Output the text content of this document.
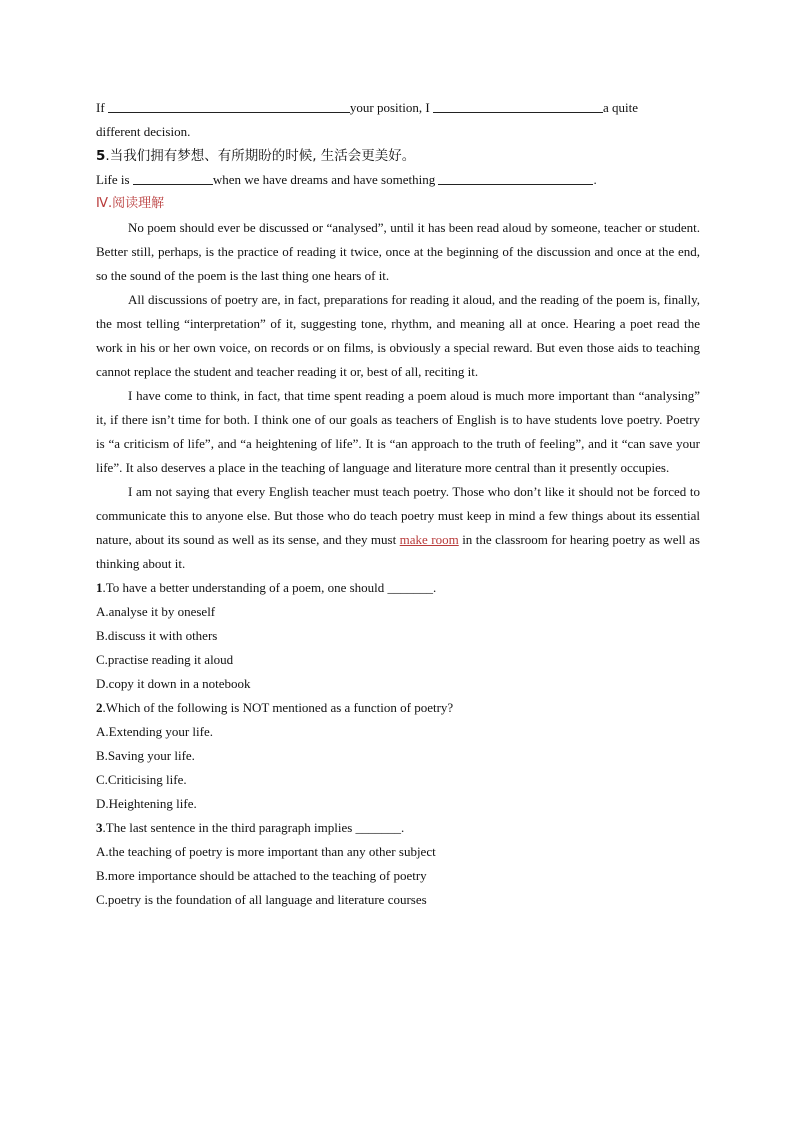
If	your position, I	a quite
different decision.
5.当我们拥有梦想、有所期盼的时候, 生活会更美好。
Life is	when we have dreams and have something	.
Ⅳ.阅读理解

No poem should ever be discussed or “analysed”, until it has been read aloud by someone, teacher or student. Better still, perhaps, is the practice of reading it twice, once at the beginning of the discussion and once at the end, so the sound of the poem is the last thing one hears of it.

All discussions of poetry are, in fact, preparations for reading it aloud, and the reading of the poem is, finally, the most telling “interpretation” of it, suggesting tone, rhythm, and meaning all at once. Hearing a poet read the work in his or her own voice, on records or on films, is obviously a special reward. But even those aids to teaching cannot replace the student and teacher reading it or, best of all, reciting it.

I have come to think, in fact, that time spent reading a poem aloud is much more important than “analysing” it, if there isn’t time for both. I think one of our goals as teachers of English is to have students love poetry. Poetry is “a criticism of life”, and “a heightening of life”. It is “an approach to the truth of feeling”, and it “can save your life”. It also deserves a place in the teaching of language and literature more central than it presently occupies.

I am not saying that every English teacher must teach poetry. Those who don’t like it should not be forced to communicate this to anyone else. But those who do teach poetry must keep in mind a few things about its essential nature, about its sound as well as its sense, and they must make room in the classroom for hearing poetry as well as thinking about it.

1.To have a better understanding of a poem, one should _______.
A.analyse it by oneself
B.discuss it with others
C.practise reading it aloud
D.copy it down in a notebook
2.Which of the following is NOT mentioned as a function of poetry?
A.Extending your life.
B.Saving your life.
C.Criticising life.
D.Heightening life.
3.The last sentence in the third paragraph implies _______.
A.the teaching of poetry is more important than any other subject
B.more importance should be attached to the teaching of poetry
C.poetry is the foundation of all language and literature courses
